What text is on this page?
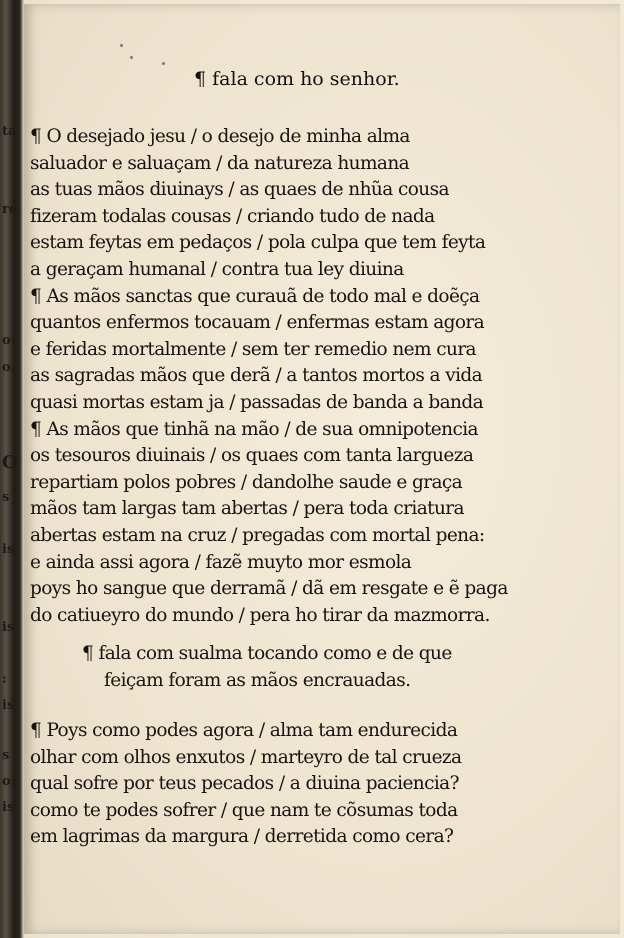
ta
ro
o:
o.
O
s
is
is
:
is
s
o:
is
¶ fala com ho senhor.
¶ O desejado jesu / o desejo de minha alma
saluador e saluaçam / da natureza humana
as tuas mãos diuinays / as quaes de nhũa cousa
fizeram todalas cousas / criando tudo de nada
estam feytas em pedaços / pola culpa que tem feyta
a geraçam humanal / contra tua ley diuina
¶ As mãos sanctas que curauã de todo mal e doẽça
quantos enfermos tocauam / enfermas estam agora
e feridas mortalmente / sem ter remedio nem cura
as sagradas mãos que derã / a tantos mortos a vida
quasi mortas estam ja / passadas de banda a banda
¶ As mãos que tinhã na mão / de sua omnipotencia
os tesouros diuinais / os quaes com tanta largueza
repartiam polos pobres / dandolhe saude e graça
mãos tam largas tam abertas / pera toda criatura
abertas estam na cruz / pregadas com mortal pena:
e ainda assi agora / fazẽ muyto mor esmola
poys ho sangue que derramã / dã em resgate e ẽ paga
do catiueyro do mundo / pera ho tirar da mazmorra.
¶ fala com sualma tocando como e de que
feiçam foram as mãos encrauadas.
¶ Poys como podes agora / alma tam endurecida
olhar com olhos enxutos / marteyro de tal crueza
qual sofre por teus pecados / a diuina paciencia?
como te podes sofrer / que nam te cõsumas toda
em lagrimas da margura / derretida como cera?
